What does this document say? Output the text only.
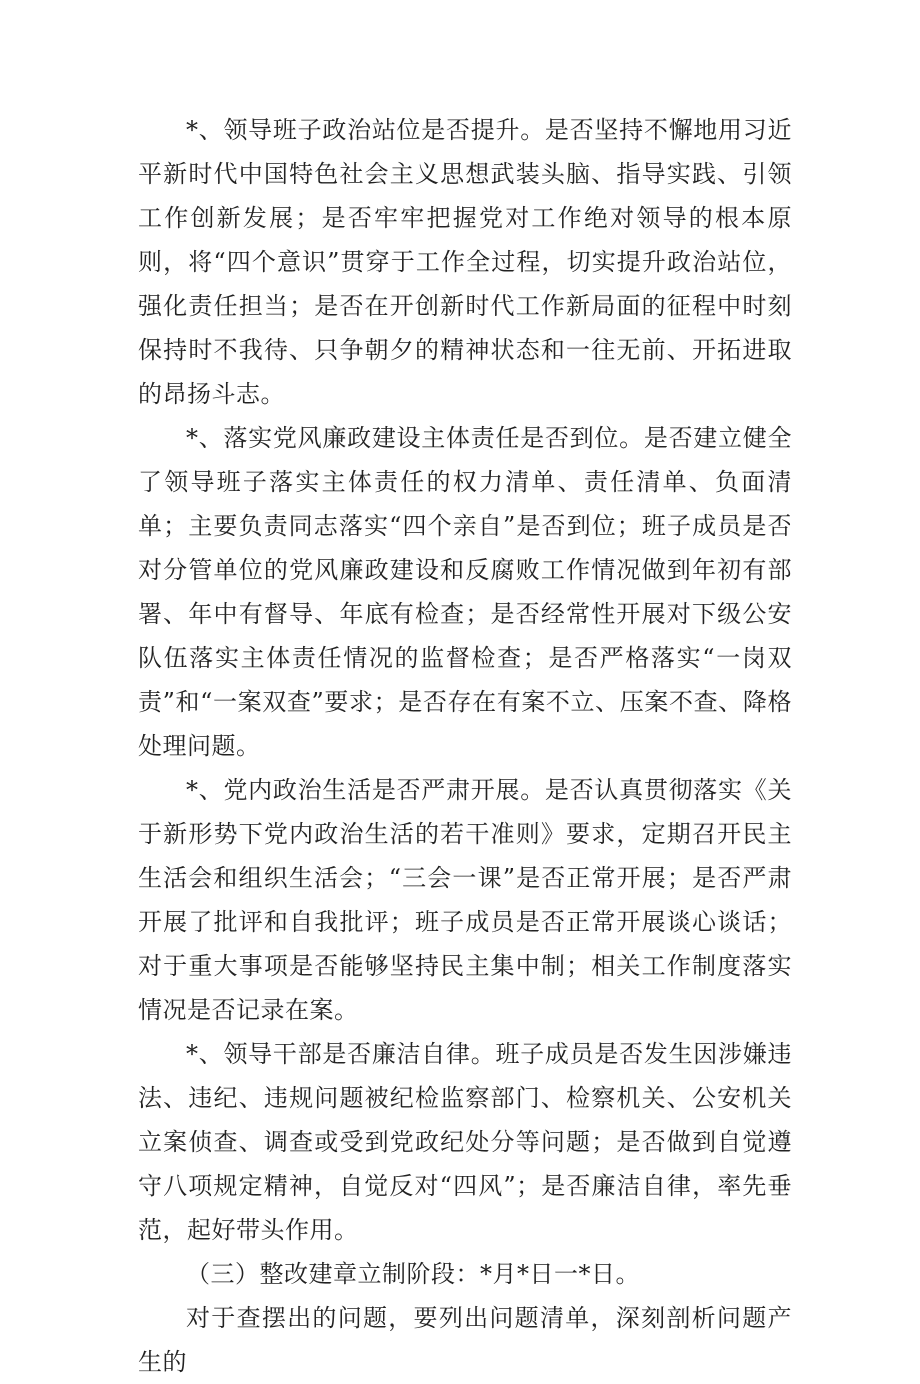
*、领导班子政治站位是否提升。是否坚持不懈地用习近平新时代中国特色社会主义思想武装头脑、指导实践、引领工作创新发展；是否牢牢把握党对工作绝对领导的根本原则，将“四个意识”贯穿于工作全过程，切实提升政治站位，强化责任担当；是否在开创新时代工作新局面的征程中时刻保持时不我待、只争朝夕的精神状态和一往无前、开拓进取的昂扬斗志。

*、落实党风廉政建设主体责任是否到位。是否建立健全了领导班子落实主体责任的权力清单、责任清单、负面清单；主要负责同志落实“四个亲自”是否到位；班子成员是否对分管单位的党风廉政建设和反腐败工作情况做到年初有部署、年中有督导、年底有检查；是否经常性开展对下级公安队伍落实主体责任情况的监督检查；是否严格落实“一岗双责”和“一案双查”要求；是否存在有案不立、压案不查、降格处理问题。

*、党内政治生活是否严肃开展。是否认真贯彻落实《关于新形势下党内政治生活的若干准则》要求，定期召开民主生活会和组织生活会；“三会一课”是否正常开展；是否严肃开展了批评和自我批评；班子成员是否正常开展谈心谈话；对于重大事项是否能够坚持民主集中制；相关工作制度落实情况是否记录在案。

*、领导干部是否廉洁自律。班子成员是否发生因涉嫌违法、违纪、违规问题被纪检监察部门、检察机关、公安机关立案侦查、调查或受到党政纪处分等问题；是否做到自觉遵守八项规定精神，自觉反对“四风”；是否廉洁自律，率先垂范，起好带头作用。

（三）整改建章立制阶段：*月*日一*日。

对于查摆出的问题，要列出问题清单，深刻剖析问题产生的
